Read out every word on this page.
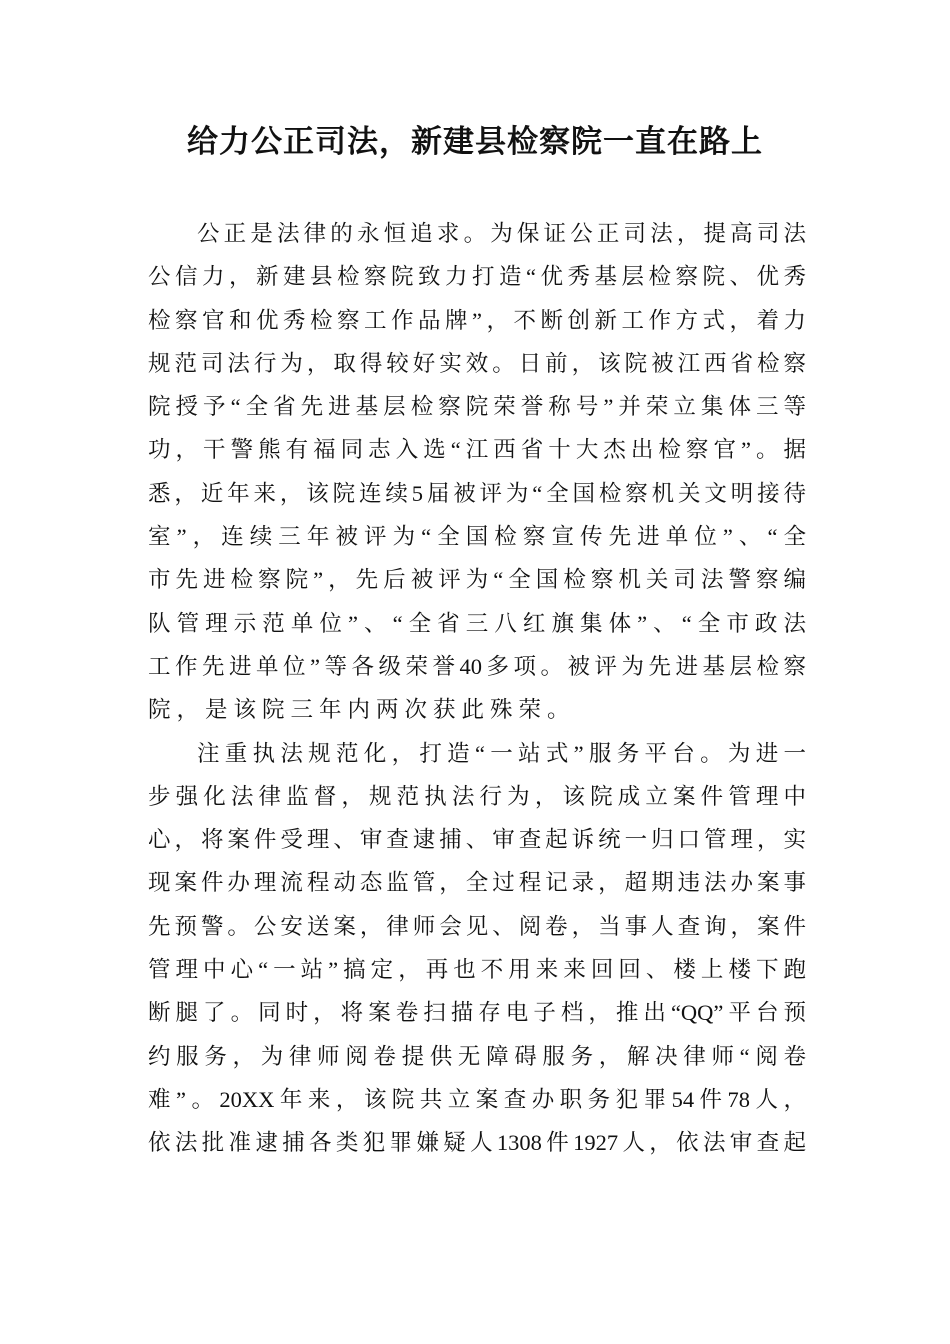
给力公正司法，新建县检察院一直在路上
公正是法律的永恒追求。为保证公正司法，提高司法
公信力，新建县检察院致力打造“优秀基层检察院、优秀
检察官和优秀检察工作品牌”，不断创新工作方式，着力
规范司法行为，取得较好实效。日前，该院被江西省检察
院授予“全省先进基层检察院荣誉称号”并荣立集体三等
功，干警熊有福同志入选“江西省十大杰出检察官”。据
悉，近年来，该院连续5届被评为“全国检察机关文明接待
室”，连续三年被评为“全国检察宣传先进单位”、“全
市先进检察院”，先后被评为“全国检察机关司法警察编
队管理示范单位”、“全省三八红旗集体”、“全市政法
工作先进单位”等各级荣誉40多项。被评为先进基层检察
院，是该院三年内两次获此殊荣。
注重执法规范化，打造“一站式”服务平台。为进一
步强化法律监督，规范执法行为，该院成立案件管理中
心，将案件受理、审查逮捕、审查起诉统一归口管理，实
现案件办理流程动态监管，全过程记录，超期违法办案事
先预警。公安送案，律师会见、阅卷，当事人查询，案件
管理中心“一站”搞定，再也不用来来回回、楼上楼下跑
断腿了。同时，将案卷扫描存电子档，推出“QQ”平台预
约服务，为律师阅卷提供无障碍服务，解决律师“阅卷
难”。20XX年来，该院共立案查办职务犯罪54件78人，
依法批准逮捕各类犯罪嫌疑人1308件1927人，依法审查起
